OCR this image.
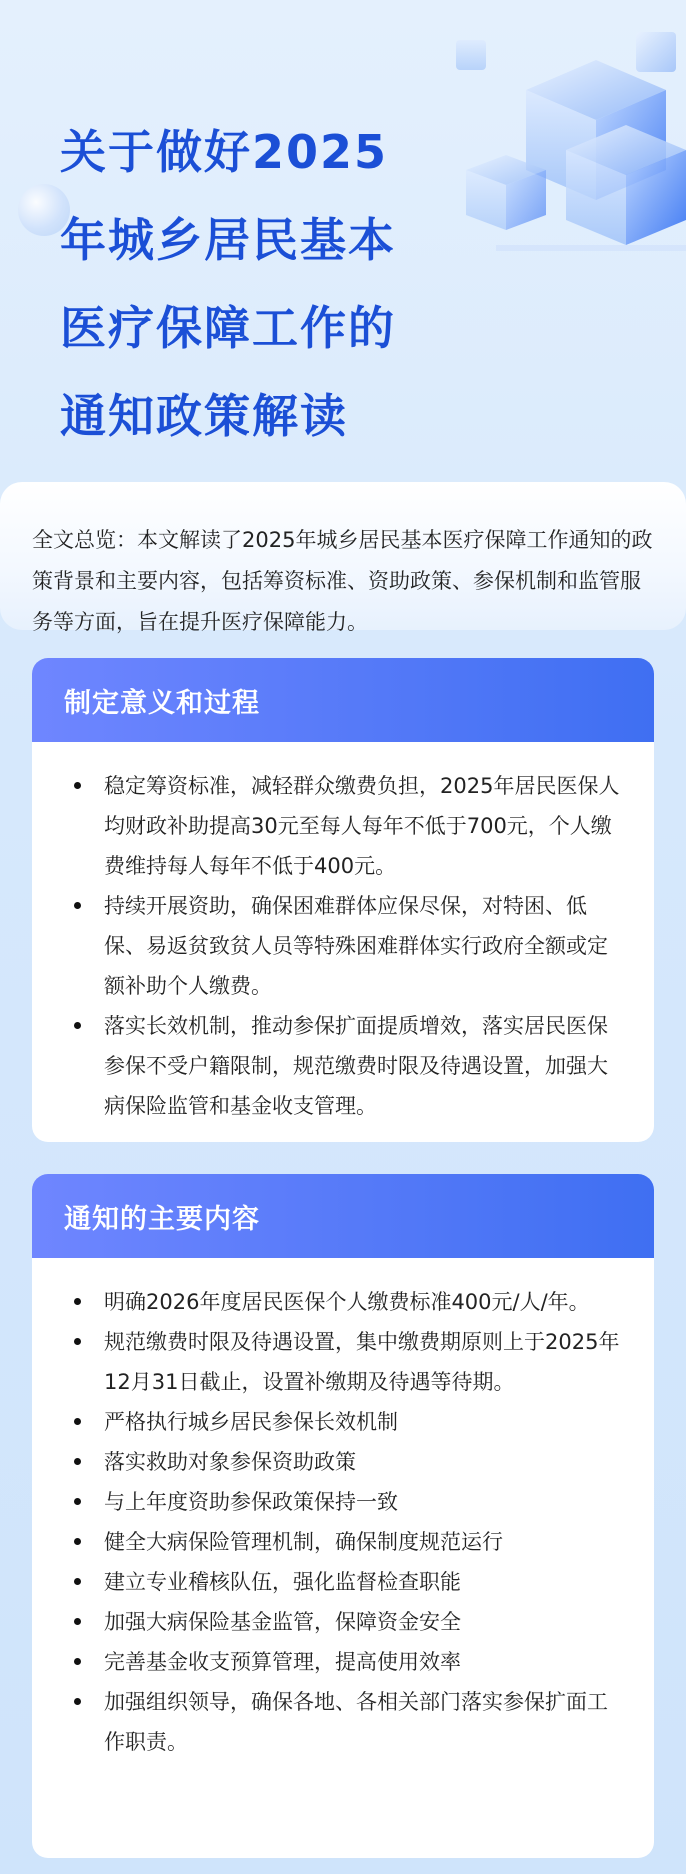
关于做好2025
年城乡居民基本
医疗保障工作的
通知政策解读

全文总览：本文解读了2025年城乡居民基本医疗保障工作通知的政策背景和主要内容，包括筹资标准、资助政策、参保机制和监管服务等方面，旨在提升医疗保障能力。

制定意义和过程
稳定筹资标准，减轻群众缴费负担，2025年居民医保人均财政补助提高30元至每人每年不低于700元，个人缴费维持每人每年不低于400元。
持续开展资助，确保困难群体应保尽保，对特困、低保、易返贫致贫人员等特殊困难群体实行政府全额或定额补助个人缴费。
落实长效机制，推动参保扩面提质增效，落实居民医保参保不受户籍限制，规范缴费时限及待遇设置，加强大病保险监管和基金收支管理。
通知的主要内容
明确2026年度居民医保个人缴费标准400元/人/年。
规范缴费时限及待遇设置，集中缴费期原则上于2025年12月31日截止，设置补缴期及待遇等待期。
严格执行城乡居民参保长效机制
落实救助对象参保资助政策
与上年度资助参保政策保持一致
健全大病保险管理机制，确保制度规范运行
建立专业稽核队伍，强化监督检查职能
加强大病保险基金监管，保障资金安全
完善基金收支预算管理，提高使用效率
加强组织领导，确保各地、各相关部门落实参保扩面工作职责。
